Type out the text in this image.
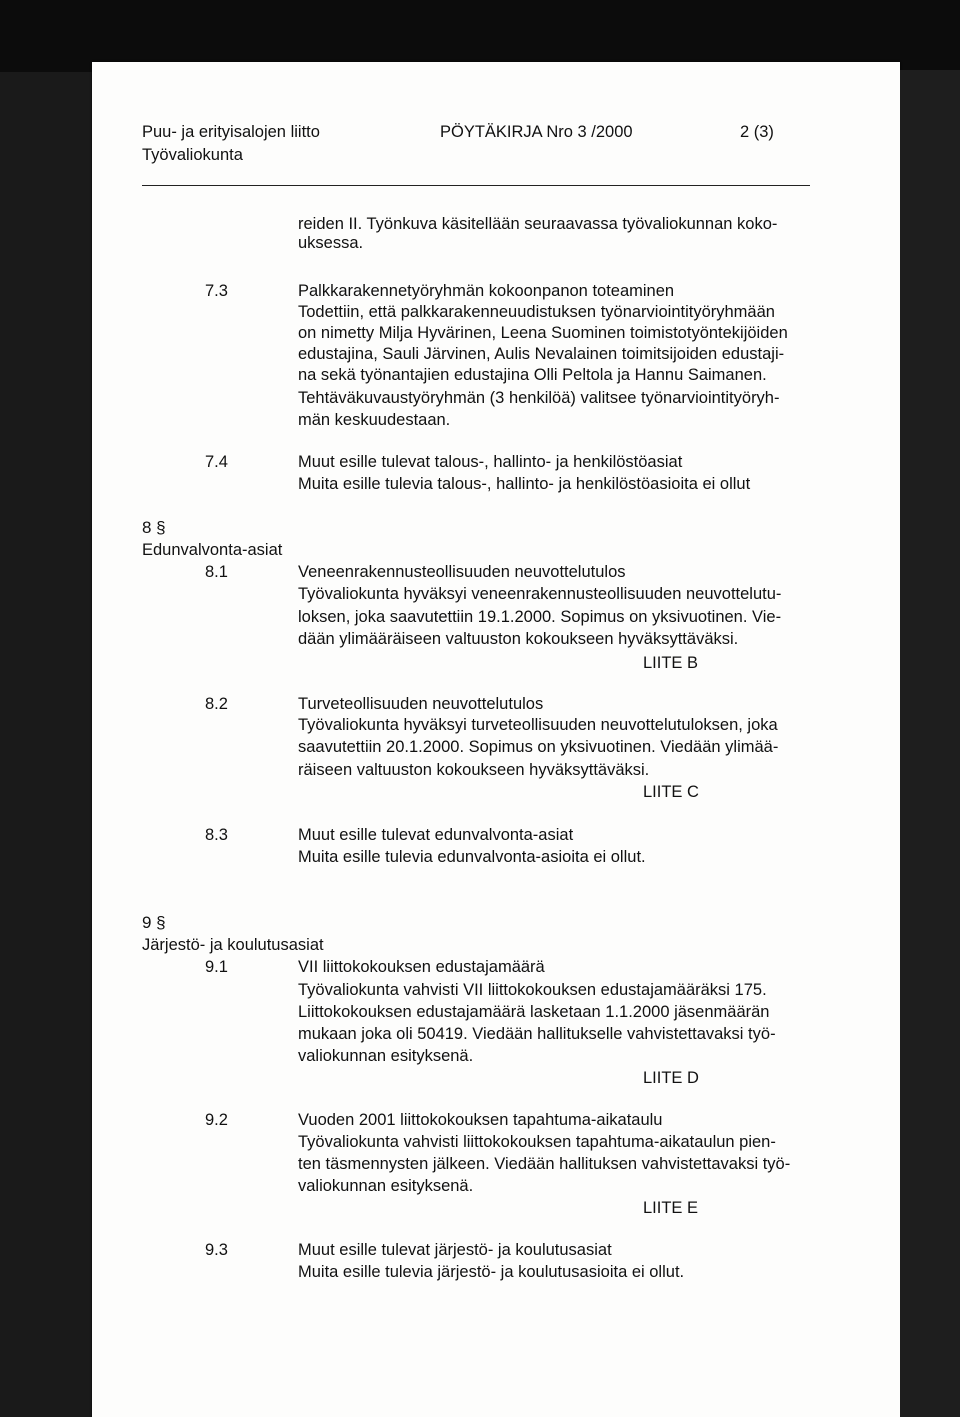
Puu- ja erityisalojen liitto
Työvaliokunta
PÖYTÄKIRJA Nro 3 /2000	2 (3)
reiden II. Työnkuva käsitellään seuraavassa työvaliokunnan koko-
uksessa.
7.3	Palkkarakennetyöryhmän kokoonpanon toteaminen
Todettiin, että palkkarakenneuudistuksen työnarviointityöryhmään
on nimetty Milja Hyvärinen, Leena Suominen toimistotyöntekijöiden
edustajina, Sauli Järvinen, Aulis Nevalainen toimitsijoiden edustaji-
na sekä työnantajien edustajina Olli Peltola ja Hannu Saimanen.
Tehtäväkuvaustyöryhmän (3 henkilöä) valitsee työnarviointityöryh-
män keskuudestaan.
7.4	Muut esille tulevat talous-, hallinto- ja henkilöstöasiat
Muita esille tulevia talous-, hallinto- ja henkilöstöasioita ei ollut
8 §
Edunvalvonta-asiat
8.1	Veneenrakennusteollisuuden neuvottelutulos
Työvaliokunta hyväksyi veneenrakennusteollisuuden neuvottelutu-
loksen, joka saavutettiin 19.1.2000. Sopimus on yksivuotinen. Vie-
dään ylimääräiseen valtuuston kokoukseen hyväksyttäväksi.
LIITE B
8.2	Turveteollisuuden neuvottelutulos
Työvaliokunta hyväksyi turveteollisuuden neuvottelutuloksen, joka
saavutettiin 20.1.2000. Sopimus on yksivuotinen. Viedään ylimää-
räiseen valtuuston kokoukseen hyväksyttäväksi.
LIITE C
8.3	Muut esille tulevat edunvalvonta-asiat
Muita esille tulevia edunvalvonta-asioita ei ollut.
9 §
Järjestö- ja koulutusasiat
9.1	VII liittokokouksen edustajamäärä
Työvaliokunta vahvisti VII liittokokouksen edustajamääräksi 175.
Liittokokouksen edustajamäärä lasketaan 1.1.2000 jäsenmäärän
mukaan joka oli 50419. Viedään hallitukselle vahvistettavaksi työ-
valiokunnan esityksenä.
LIITE D
9.2	Vuoden 2001 liittokokouksen tapahtuma-aikataulu
Työvaliokunta vahvisti liittokokouksen tapahtuma-aikataulun pien-
ten täsmennysten jälkeen. Viedään hallituksen vahvistettavaksi työ-
valiokunnan esityksenä.
LIITE E
9.3	Muut esille tulevat järjestö- ja koulutusasiat
Muita esille tulevia järjestö- ja koulutusasioita ei ollut.
